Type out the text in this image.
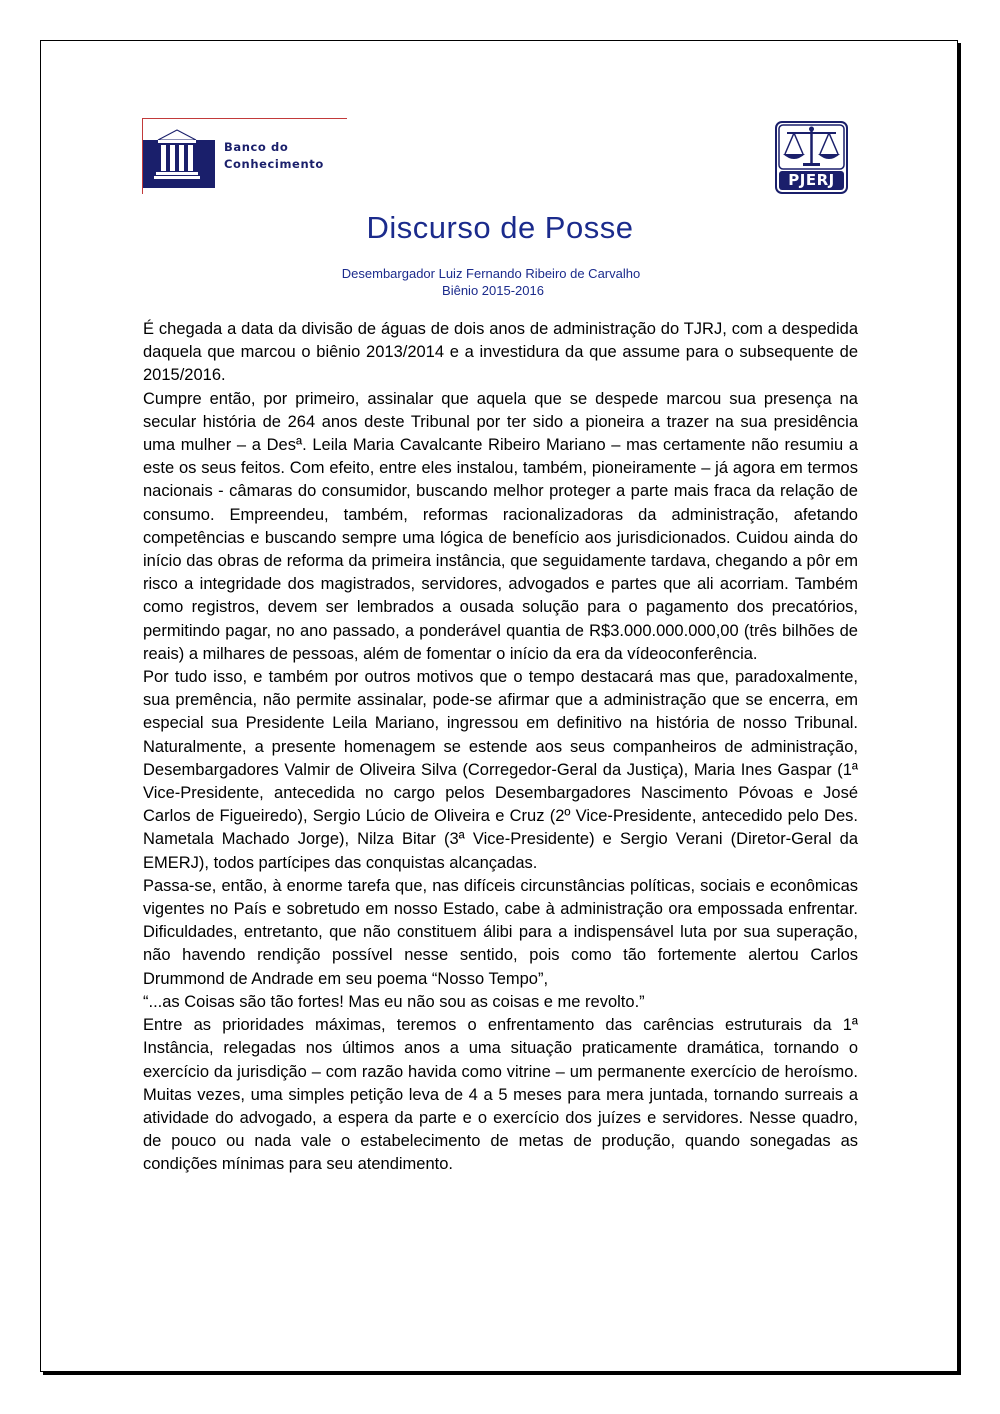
Banco do
Conhecimento
PJERJ
Discurso de Posse
Desembargador Luiz Fernando Ribeiro de Carvalho
Biênio 2015-2016

É chegada a data da divisão de águas de dois anos de administração do TJRJ, com a despedida daquela que marcou o biênio 2013/2014 e a investidura da que assume para o subsequente de 2015/2016.

Cumpre então, por primeiro, assinalar que aquela que se despede marcou sua presença na secular história de 264 anos deste Tribunal por ter sido a pioneira a trazer na sua presidência uma mulher – a Desª. Leila Maria Cavalcante Ribeiro Mariano – mas certamente não resumiu a este os seus feitos. Com efeito, entre eles instalou, também, pioneiramente – já agora em termos nacionais - câmaras do consumidor, buscando melhor proteger a parte mais fraca da relação de consumo. Empreendeu, também, reformas racionalizadoras da administração, afetando competências e buscando sempre uma lógica de benefício aos jurisdicionados. Cuidou ainda do início das obras de reforma da primeira instância, que seguidamente tardava, chegando a pôr em risco a integridade dos magistrados, servidores, advogados e partes que ali acorriam. Também como registros, devem ser lembrados a ousada solução para o pagamento dos precatórios, permitindo pagar, no ano passado, a ponderável quantia de R$3.000.000.000,00 (três bilhões de reais) a milhares de pessoas, além de fomentar o início da era da vídeoconferência.

Por tudo isso, e também por outros motivos que o tempo destacará mas que, paradoxalmente, sua premência, não permite assinalar, pode-se afirmar que a administração que se encerra, em especial sua Presidente Leila Mariano, ingressou em definitivo na história de nosso Tribunal. Naturalmente, a presente homenagem se estende aos seus companheiros de administração, Desembargadores Valmir de Oliveira Silva (Corregedor-Geral da Justiça), Maria Ines Gaspar (1ª Vice-Presidente, antecedida no cargo pelos Desembargadores Nascimento Póvoas e José Carlos de Figueiredo), Sergio Lúcio de Oliveira e Cruz (2º Vice-Presidente, antecedido pelo Des. Nametala Machado Jorge), Nilza Bitar (3ª Vice-Presidente) e Sergio Verani (Diretor-Geral da EMERJ), todos partícipes das conquistas alcançadas.

Passa-se, então, à enorme tarefa que, nas difíceis circunstâncias políticas, sociais e econômicas vigentes no País e sobretudo em nosso Estado, cabe à administração ora empossada enfrentar. Dificuldades, entretanto, que não constituem álibi para a indispensável luta por sua superação, não havendo rendição possível nesse sentido, pois como tão fortemente alertou Carlos Drummond de Andrade em seu poema “Nosso Tempo”,

“...as Coisas são tão fortes! Mas eu não sou as coisas e me revolto.”

Entre as prioridades máximas, teremos o enfrentamento das carências estruturais da 1ª Instância, relegadas nos últimos anos a uma situação praticamente dramática, tornando o exercício da jurisdição – com razão havida como vitrine – um permanente exercício de heroísmo. Muitas vezes, uma simples petição leva de 4 a 5 meses para mera juntada, tornando surreais a atividade do advogado, a espera da parte e o exercício dos juízes e servidores. Nesse quadro, de pouco ou nada vale o estabelecimento de metas de produção, quando sonegadas as condições mínimas para seu atendimento.
